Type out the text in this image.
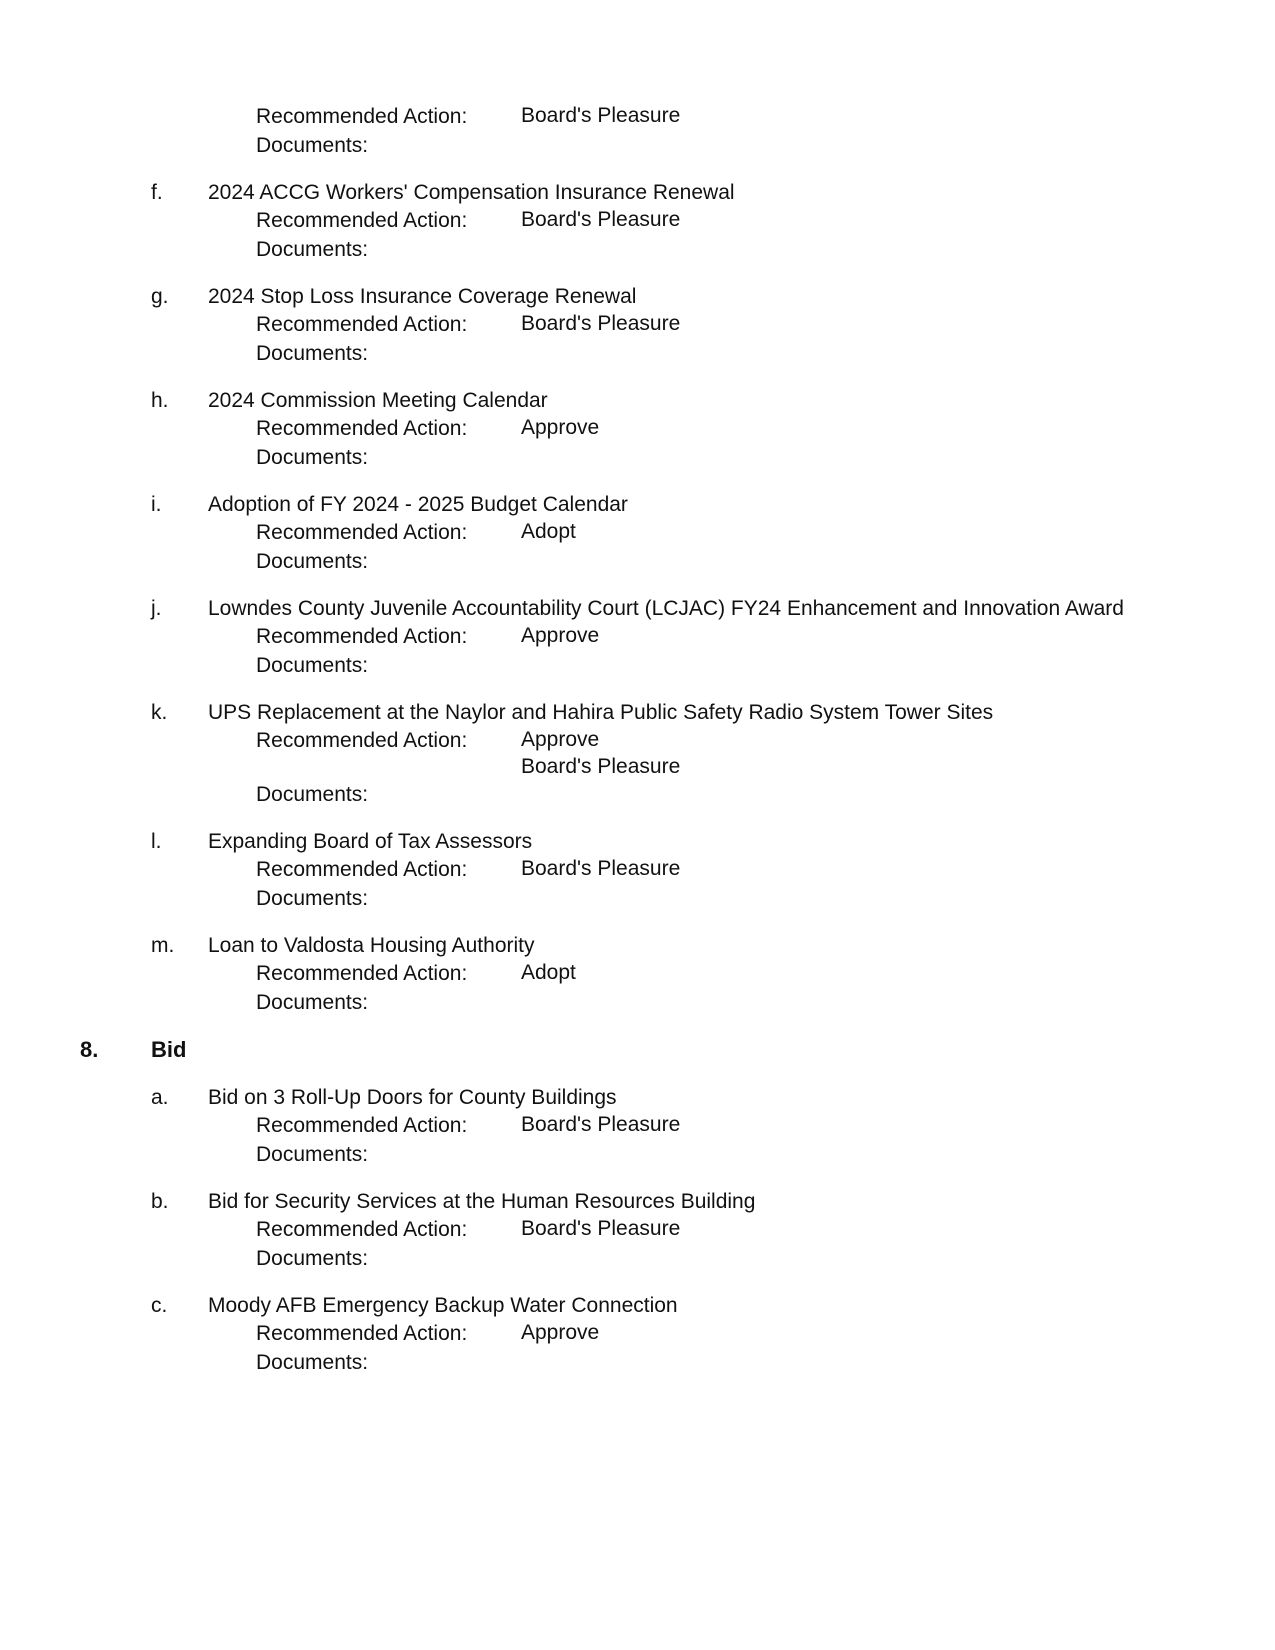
Recommended Action:	Board's Pleasure
Documents:
f. 2024 ACCG Workers' Compensation Insurance Renewal
Recommended Action:	Board's Pleasure
Documents:
g. 2024 Stop Loss Insurance Coverage Renewal
Recommended Action:	Board's Pleasure
Documents:
h. 2024 Commission Meeting Calendar
Recommended Action:	Approve
Documents:
i. Adoption of FY 2024 - 2025 Budget Calendar
Recommended Action:	Adopt
Documents:
j. Lowndes County Juvenile Accountability Court (LCJAC) FY24 Enhancement and Innovation Award
Recommended Action:	Approve
Documents:
k. UPS Replacement at the Naylor and Hahira Public Safety Radio System Tower Sites
Recommended Action:	Approve
Board's Pleasure
Documents:
l. Expanding Board of Tax Assessors
Recommended Action:	Board's Pleasure
Documents:
m. Loan to Valdosta Housing Authority
Recommended Action:	Adopt
Documents:
8. Bid
a. Bid on 3 Roll-Up Doors for County Buildings
Recommended Action:	Board's Pleasure
Documents:
b. Bid for Security Services at the Human Resources Building
Recommended Action:	Board's Pleasure
Documents:
c. Moody AFB Emergency Backup Water Connection
Recommended Action:	Approve
Documents:
